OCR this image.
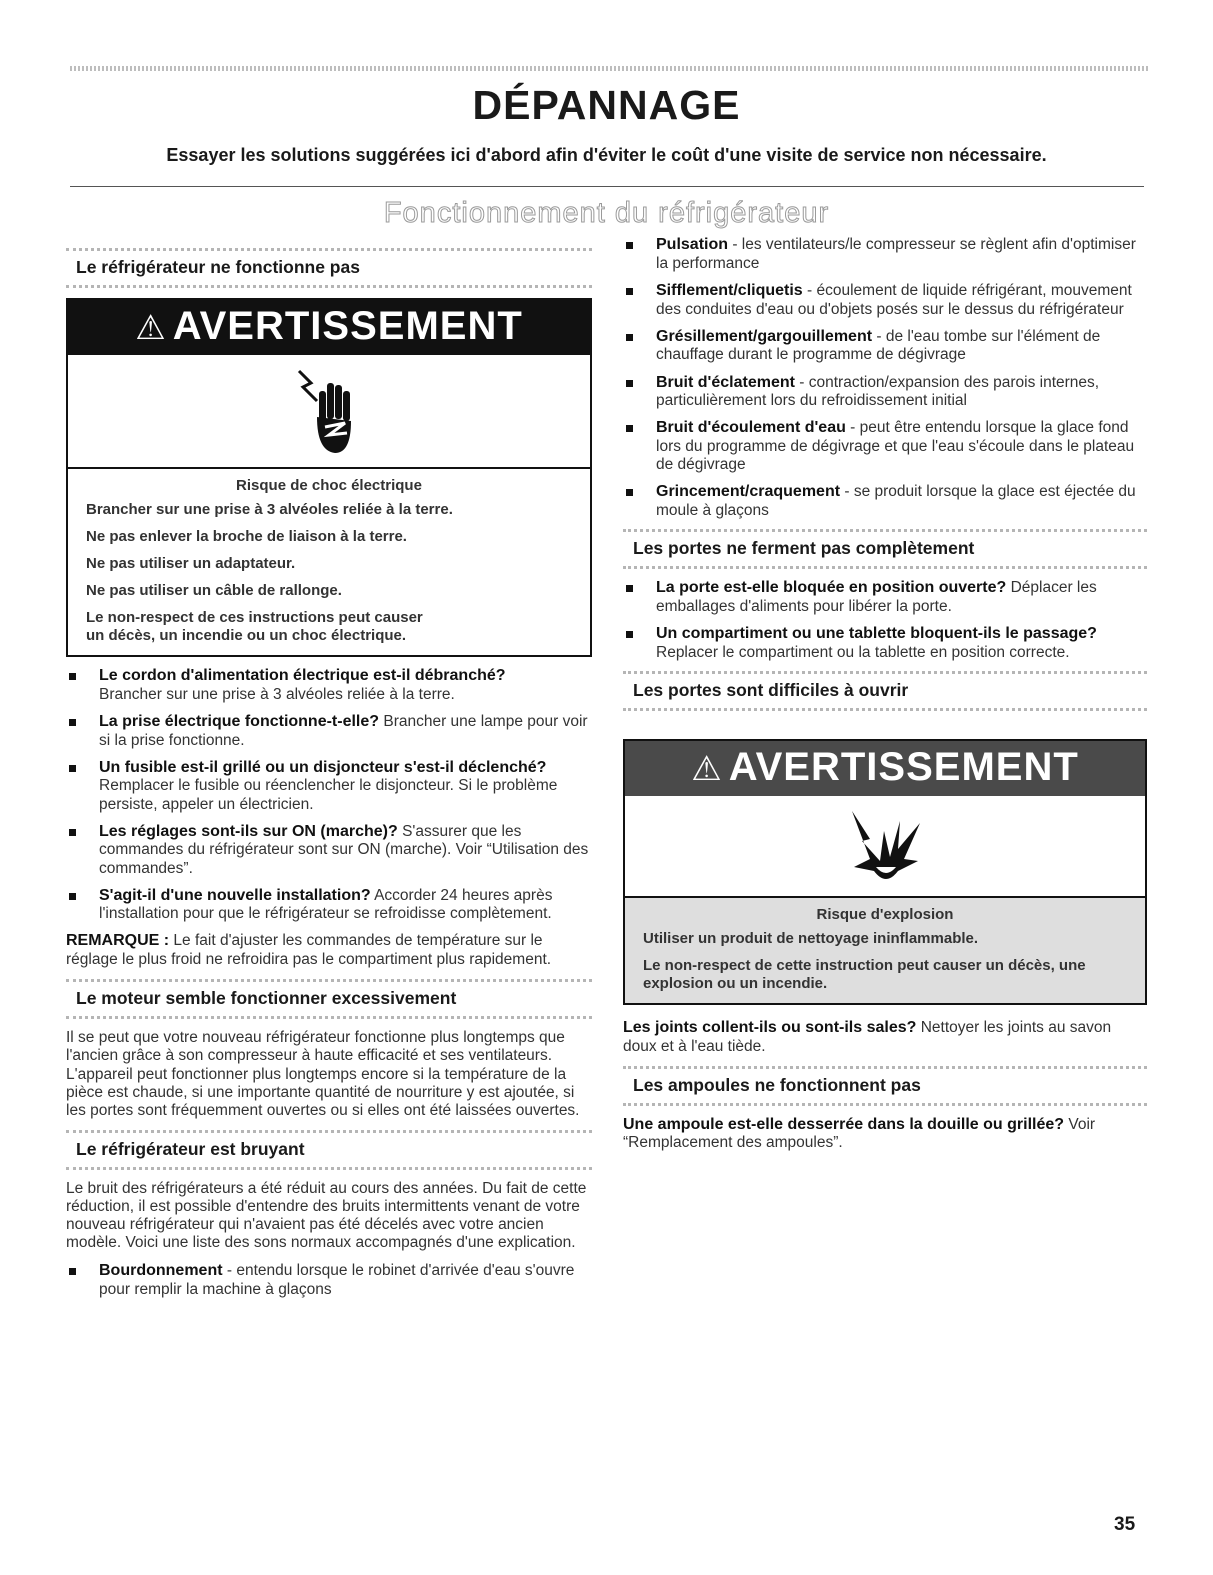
DÉPANNAGE

Essayer les solutions suggérées ici d'abord afin d'éviter le coût d'une visite de service non nécessaire.

Fonctionnement du réfrigérateur
Le réfrigérateur ne fonctionne pas
⚠ AVERTISSEMENT
Risque de choc électrique

Brancher sur une prise à 3 alvéoles reliée à la terre.

Ne pas enlever la broche de liaison à la terre.

Ne pas utiliser un adaptateur.

Ne pas utiliser un câble de rallonge.

Le non-respect de ces instructions peut causer
un décès, un incendie ou un choc électrique.

Le cordon d'alimentation électrique est-il débranché?
Brancher sur une prise à 3 alvéoles reliée à la terre.
La prise électrique fonctionne-t-elle? Brancher une lampe pour voir si la prise fonctionne.
Un fusible est-il grillé ou un disjoncteur s'est-il déclenché? Remplacer le fusible ou réenclencher le disjoncteur. Si le problème persiste, appeler un électricien.
Les réglages sont-ils sur ON (marche)? S'assurer que les commandes du réfrigérateur sont sur ON (marche). Voir “Utilisation des commandes”.
S'agit-il d'une nouvelle installation? Accorder 24 heures après l'installation pour que le réfrigérateur se refroidisse complètement.

REMARQUE : Le fait d'ajuster les commandes de température sur le réglage le plus froid ne refroidira pas le compartiment plus rapidement.

Le moteur semble fonctionner excessivement

Il se peut que votre nouveau réfrigérateur fonctionne plus longtemps que l'ancien grâce à son compresseur à haute efficacité et ses ventilateurs. L'appareil peut fonctionner plus longtemps encore si la température de la pièce est chaude, si une importante quantité de nourriture y est ajoutée, si les portes sont fréquemment ouvertes ou si elles ont été laissées ouvertes.

Le réfrigérateur est bruyant

Le bruit des réfrigérateurs a été réduit au cours des années. Du fait de cette réduction, il est possible d'entendre des bruits intermittents venant de votre nouveau réfrigérateur qui n'avaient pas été décelés avec votre ancien modèle. Voici une liste des sons normaux accompagnés d'une explication.

Bourdonnement - entendu lorsque le robinet d'arrivée d'eau s'ouvre pour remplir la machine à glaçons
Pulsation - les ventilateurs/le compresseur se règlent afin d'optimiser la performance
Sifflement/cliquetis - écoulement de liquide réfrigérant, mouvement des conduites d'eau ou d'objets posés sur le dessus du réfrigérateur
Grésillement/gargouillement - de l'eau tombe sur l'élément de chauffage durant le programme de dégivrage
Bruit d'éclatement - contraction/expansion des parois internes, particulièrement lors du refroidissement initial
Bruit d'écoulement d'eau - peut être entendu lorsque la glace fond lors du programme de dégivrage et que l'eau s'écoule dans le plateau de dégivrage
Grincement/craquement - se produit lorsque la glace est éjectée du moule à glaçons
Les portes ne ferment pas complètement
La porte est-elle bloquée en position ouverte? Déplacer les emballages d'aliments pour libérer la porte.
Un compartiment ou une tablette bloquent-ils le passage? Replacer le compartiment ou la tablette en position correcte.
Les portes sont difficiles à ouvrir
⚠ AVERTISSEMENT
Risque d'explosion

Utiliser un produit de nettoyage ininflammable.

Le non-respect de cette instruction peut causer un décès, une explosion ou un incendie.

Les joints collent-ils ou sont-ils sales? Nettoyer les joints au savon doux et à l'eau tiède.

Les ampoules ne fonctionnent pas

Une ampoule est-elle desserrée dans la douille ou grillée? Voir “Remplacement des ampoules”.

35
